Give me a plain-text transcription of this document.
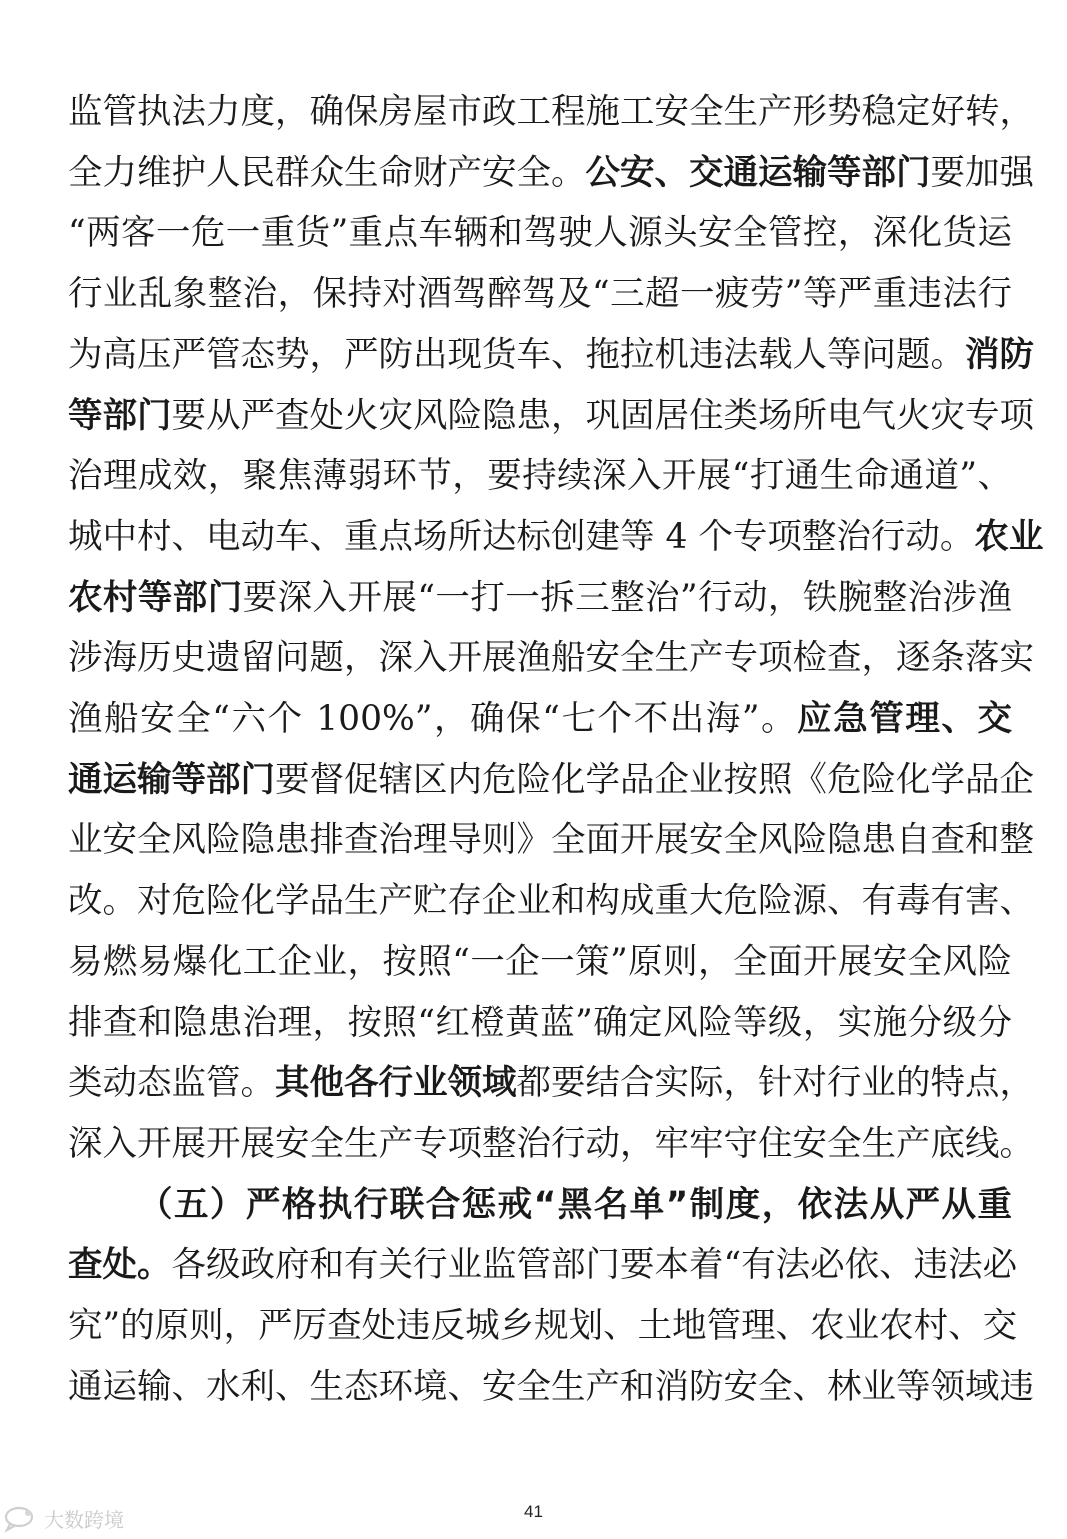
监管执法力度，确保房屋市政工程施工安全生产形势稳定好转，
全力维护人民群众生命财产安全。公安、交通运输等部门要加强
“两客一危一重货”重点车辆和驾驶人源头安全管控，深化货运
行业乱象整治，保持对酒驾醉驾及“三超一疲劳”等严重违法行
为高压严管态势，严防出现货车、拖拉机违法载人等问题。消防
等部门要从严查处火灾风险隐患，巩固居住类场所电气火灾专项
治理成效，聚焦薄弱环节，要持续深入开展“打通生命通道”、
城中村、电动车、重点场所达标创建等 4 个专项整治行动。农业
农村等部门要深入开展“一打一拆三整治”行动，铁腕整治涉渔
涉海历史遗留问题，深入开展渔船安全生产专项检查，逐条落实
渔船安全“六个 100%”，确保“七个不出海”。应急管理、交
通运输等部门要督促辖区内危险化学品企业按照《危险化学品企
业安全风险隐患排查治理导则》全面开展安全风险隐患自查和整
改。对危险化学品生产贮存企业和构成重大危险源、有毒有害、
易燃易爆化工企业，按照“一企一策”原则，全面开展安全风险
排查和隐患治理，按照“红橙黄蓝”确定风险等级，实施分级分
类动态监管。其他各行业领域都要结合实际，针对行业的特点，
深入开展开展安全生产专项整治行动，牢牢守住安全生产底线。
（五）严格执行联合惩戒“黑名单”制度，依法从严从重
查处。各级政府和有关行业监管部门要本着“有法必依、违法必
究”的原则，严厉查处违反城乡规划、土地管理、农业农村、交
通运输、水利、生态环境、安全生产和消防安全、林业等领域违
41
大数跨境
